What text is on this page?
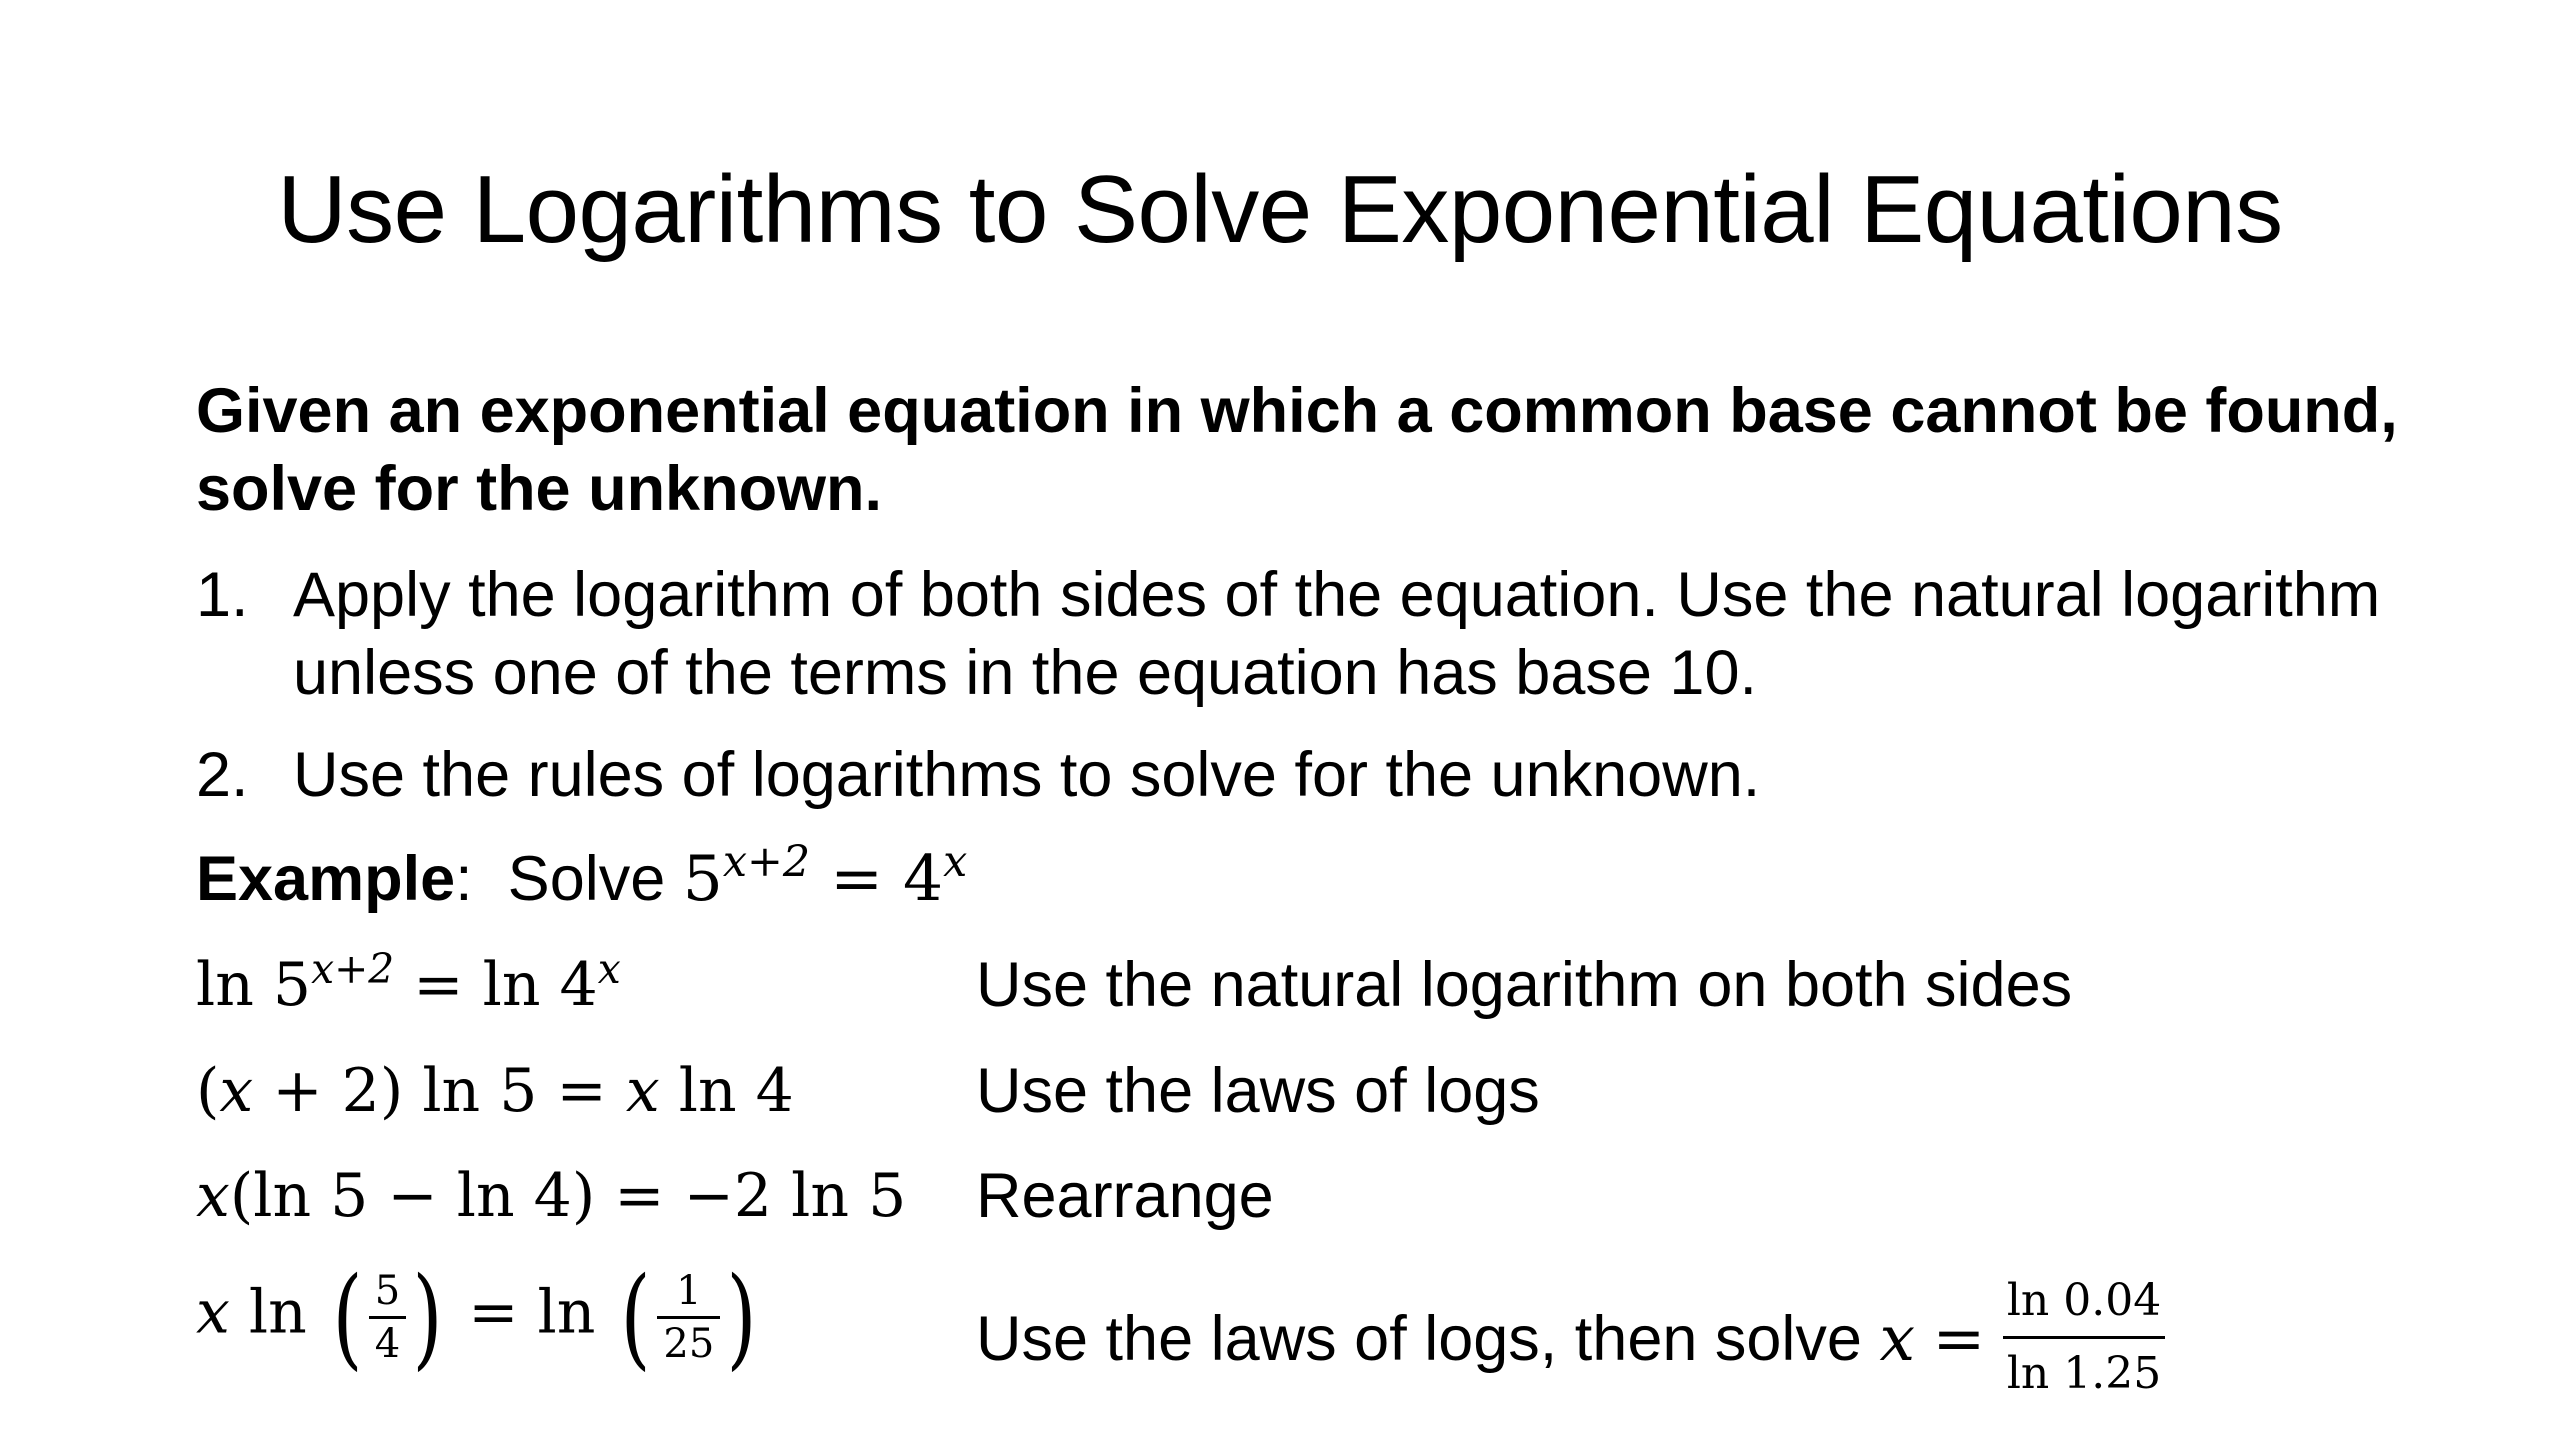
Use Logarithms to Solve Exponential Equations
Given an exponential equation in which a common base cannot be found, solve for the unknown.
1. Apply the logarithm of both sides of the equation. Use the natural logarithm unless one of the terms in the equation has base 10.
2. Use the rules of logarithms to solve for the unknown.
Example: Solve $5^{x+2} = 4^x$
$\ln 5^{x+2} = \ln 4^x$	Use the natural logarithm on both sides
(x + 2) ln 5 = x ln 4	Use the laws of logs
x(ln 5 − ln 4) = −2 ln 5 Rearrange
x ln ( $\frac{5}{4}$ ) = ln ( $\frac{1}{25}$ )	Use the laws of logs, then solve $x = \frac{\ln 0.04}{\ln 1.25}$
